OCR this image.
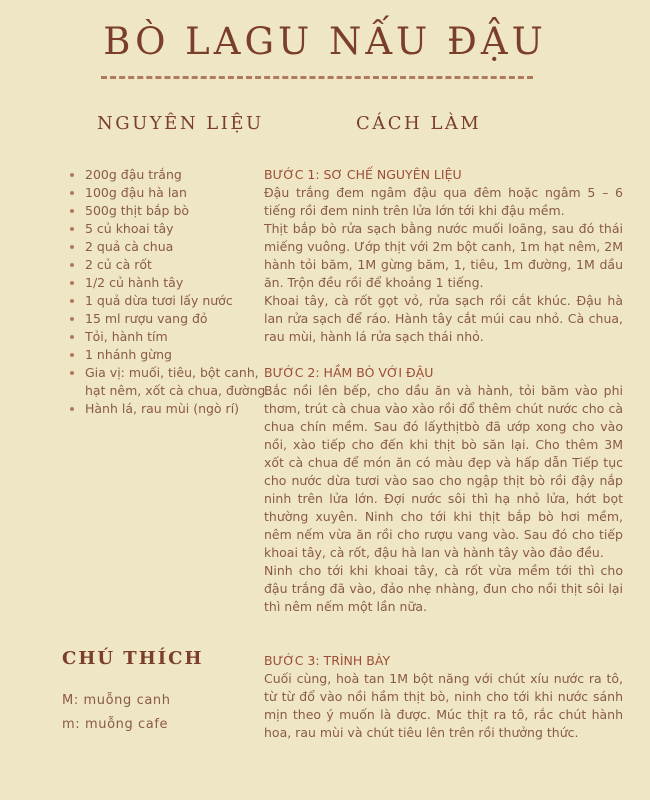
BÒ LAGU NẤU ĐẬU
NGUYÊN LIỆU	CÁCH LÀM
• 200g đậu trắng
• 100g đậu hà lan
• 500g thịt bắp bò
• 5 củ khoai tây
• 2 quả cà chua
• 2 củ cà rốt
• 1/2 củ hành tây
• 1 quả dừa tươi lấy nước
• 15 ml rượu vang đỏ
• Tỏi, hành tím
• 1 nhánh gừng
• Gia vị: muối, tiêu, bột canh, hạt nêm, xốt cà chua, đường.
• Hành lá, rau mùi (ngò rí)
CHÚ THÍCH
M: muỗng canh
m: muỗng cafe
BƯỚC 1: SƠ CHẾ NGUYÊN LIỆU

Đậu trắng đem ngâm đậu qua đêm hoặc ngâm 5 – 6 tiếng rồi đem ninh trên lửa lớn tới khi đậu mềm.

Thịt bắp bò rửa sạch bằng nước muối loãng, sau đó thái miếng vuông. Ướp thịt với 2m bột canh, 1m hạt nêm, 2M hành tỏi băm, 1M gừng băm, 1, tiêu, 1m đường, 1M dầu ăn. Trộn đều rồi để khoảng 1 tiếng.

Khoai tây, cà rốt gọt vỏ, rửa sạch rồi cắt khúc. Đậu hà lan rửa sạch để ráo. Hành tây cắt múi cau nhỏ. Cà chua, rau mùi, hành lá rửa sạch thái nhỏ.

BƯỚC 2: HẦM BÒ VỚI ĐẬU

Bắc nồi lên bếp, cho dầu ăn và hành, tỏi băm vào phi thơm, trút cà chua vào xào rồi đổ thêm chút nước cho cà chua chín mềm. Sau đó lấythịtbò đã ướp xong cho vào nồi, xào tiếp cho đến khi thịt bò săn lại. Cho thêm 3M xốt cà chua để món ăn có màu đẹp và hấp dẫn Tiếp tục cho nước dừa tươi vào sao cho ngập thịt bò rồi đậy nắp ninh trên lửa lớn. Đợi nước sôi thì hạ nhỏ lửa, hớt bọt thường xuyên. Ninh cho tới khi thịt bắp bò hơi mềm, nêm nếm vừa ăn rồi cho rượu vang vào. Sau đó cho tiếp khoai tây, cà rốt, đậu hà lan và hành tây vào đảo đều.

Ninh cho tới khi khoai tây, cà rốt vừa mềm tới thì cho đậu trắng đã vào, đảo nhẹ nhàng, đun cho nồi thịt sôi lại thì nêm nếm một lần nữa.

BƯỚC 3: TRÌNH BÀY

Cuối cùng, hoà tan 1M bột năng với chút xíu nước ra tô, từ từ đổ vào nồi hầm thịt bò, ninh cho tới khi nước sánh mịn theo ý muốn là được. Múc thịt ra tô, rắc chút hành hoa, rau mùi và chút tiêu lên trên rồi thưởng thức.
